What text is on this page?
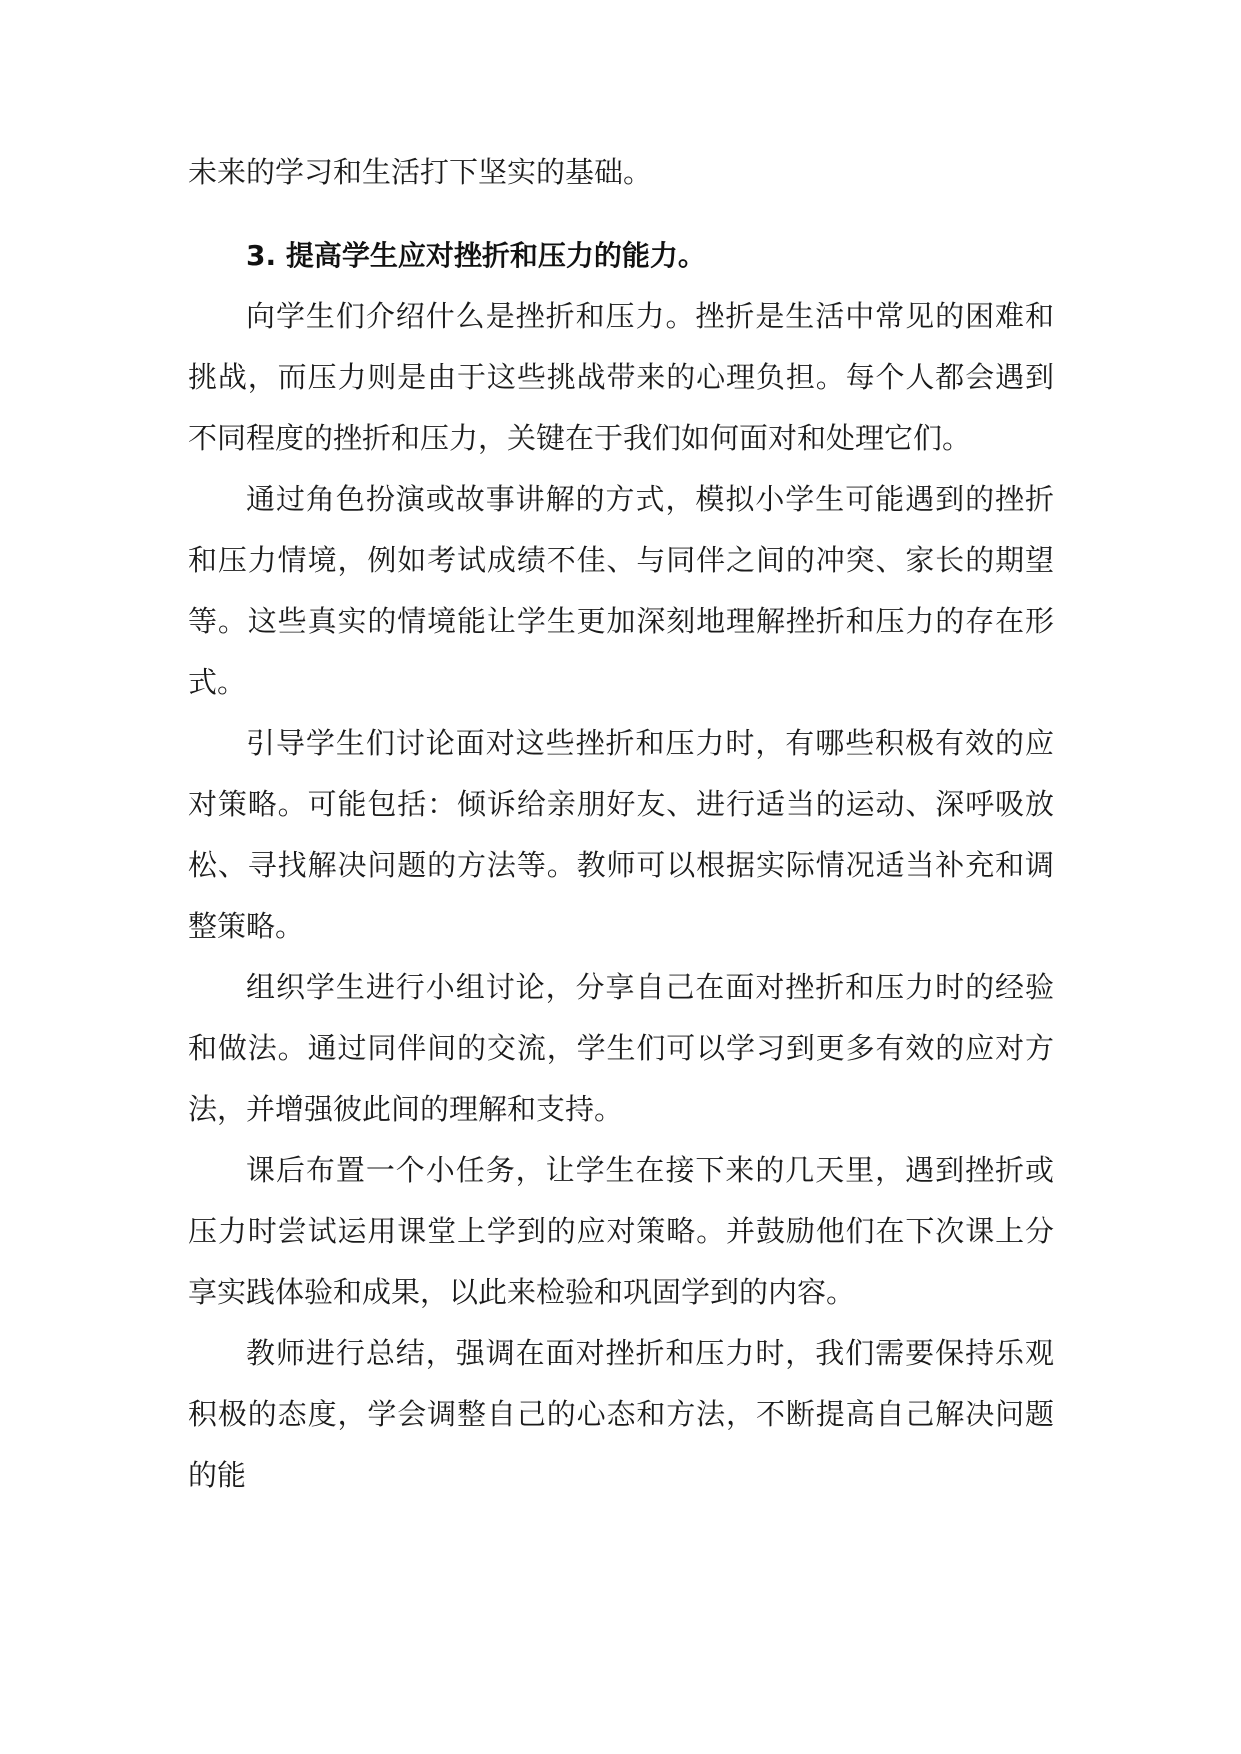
未来的学习和生活打下坚实的基础。

3. 提高学生应对挫折和压力的能力。

向学生们介绍什么是挫折和压力。挫折是生活中常见的困难和挑战，而压力则是由于这些挑战带来的心理负担。每个人都会遇到不同程度的挫折和压力，关键在于我们如何面对和处理它们。

通过角色扮演或故事讲解的方式，模拟小学生可能遇到的挫折和压力情境，例如考试成绩不佳、与同伴之间的冲突、家长的期望等。这些真实的情境能让学生更加深刻地理解挫折和压力的存在形式。

引导学生们讨论面对这些挫折和压力时，有哪些积极有效的应对策略。可能包括：倾诉给亲朋好友、进行适当的运动、深呼吸放松、寻找解决问题的方法等。教师可以根据实际情况适当补充和调整策略。

组织学生进行小组讨论，分享自己在面对挫折和压力时的经验和做法。通过同伴间的交流，学生们可以学习到更多有效的应对方法，并增强彼此间的理解和支持。

课后布置一个小任务，让学生在接下来的几天里，遇到挫折或压力时尝试运用课堂上学到的应对策略。并鼓励他们在下次课上分享实践体验和成果，以此来检验和巩固学到的内容。

教师进行总结，强调在面对挫折和压力时，我们需要保持乐观积极的态度，学会调整自己的心态和方法，不断提高自己解决问题的能
